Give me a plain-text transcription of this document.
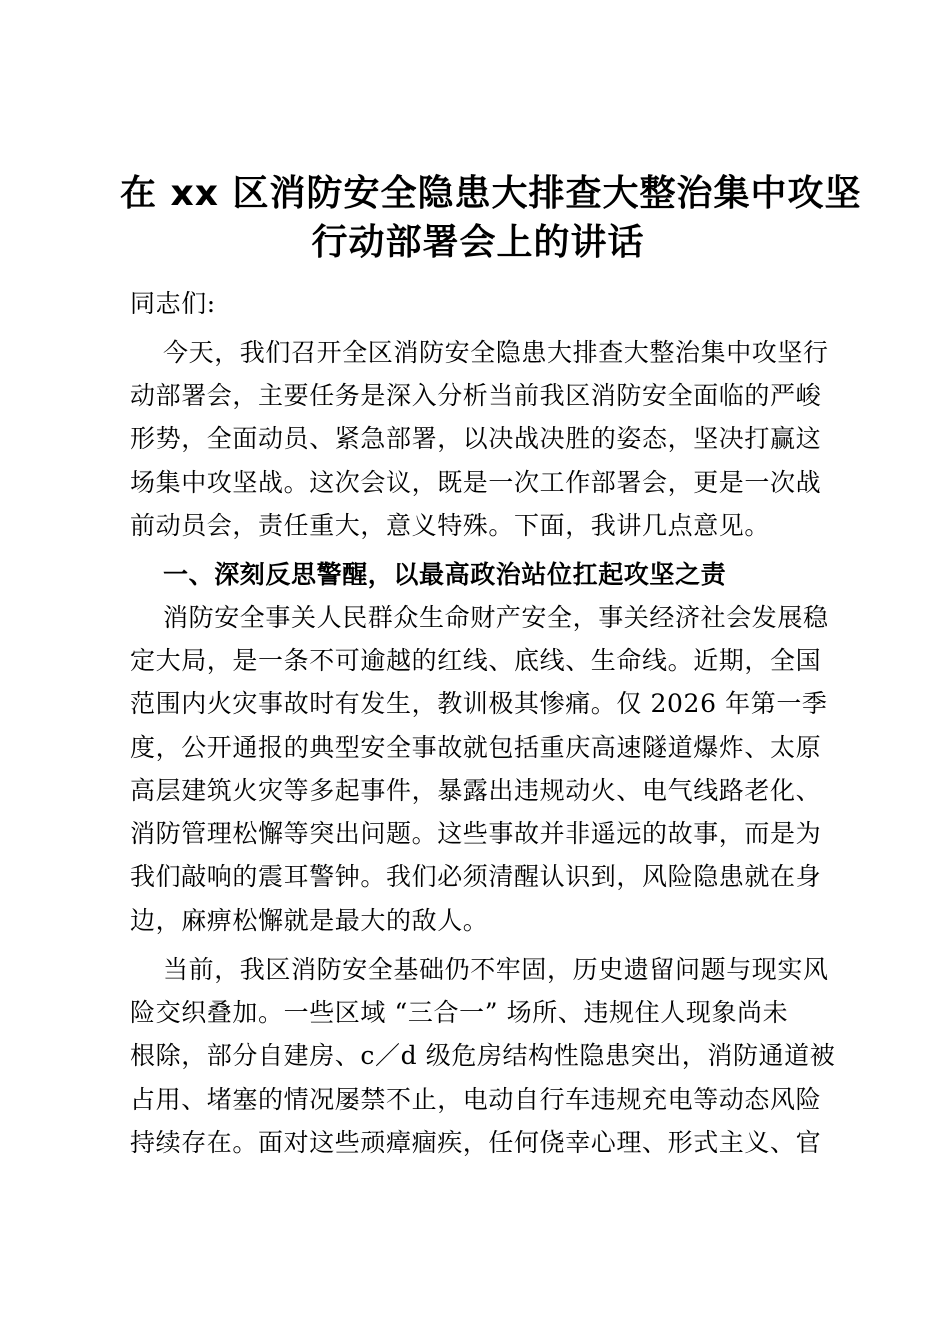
在 xx 区消防安全隐患大排查大整治集中攻坚
行动部署会上的讲话
同志们:
今天，我们召开全区消防安全隐患大排查大整治集中攻坚行
动部署会，主要任务是深入分析当前我区消防安全面临的严峻
形势，全面动员、紧急部署，以决战决胜的姿态，坚决打赢这
场集中攻坚战。这次会议，既是一次工作部署会，更是一次战
前动员会，责任重大，意义特殊。下面，我讲几点意见。
一、深刻反思警醒，以最高政治站位扛起攻坚之责
消防安全事关人民群众生命财产安全，事关经济社会发展稳
定大局，是一条不可逾越的红线、底线、生命线。近期，全国
范围内火灾事故时有发生，教训极其惨痛。仅 2026 年第一季
度，公开通报的典型安全事故就包括重庆高速隧道爆炸、太原
高层建筑火灾等多起事件，暴露出违规动火、电气线路老化、
消防管理松懈等突出问题。这些事故并非遥远的故事，而是为
我们敲响的震耳警钟。我们必须清醒认识到，风险隐患就在身
边，麻痹松懈就是最大的敌人。
当前，我区消防安全基础仍不牢固，历史遗留问题与现实风
险交织叠加。一些区域 “三合一” 场所、违规住人现象尚未
根除，部分自建房、c／d 级危房结构性隐患突出，消防通道被
占用、堵塞的情况屡禁不止，电动自行车违规充电等动态风险
持续存在。面对这些顽瘴痼疾，任何侥幸心理、形式主义、官
